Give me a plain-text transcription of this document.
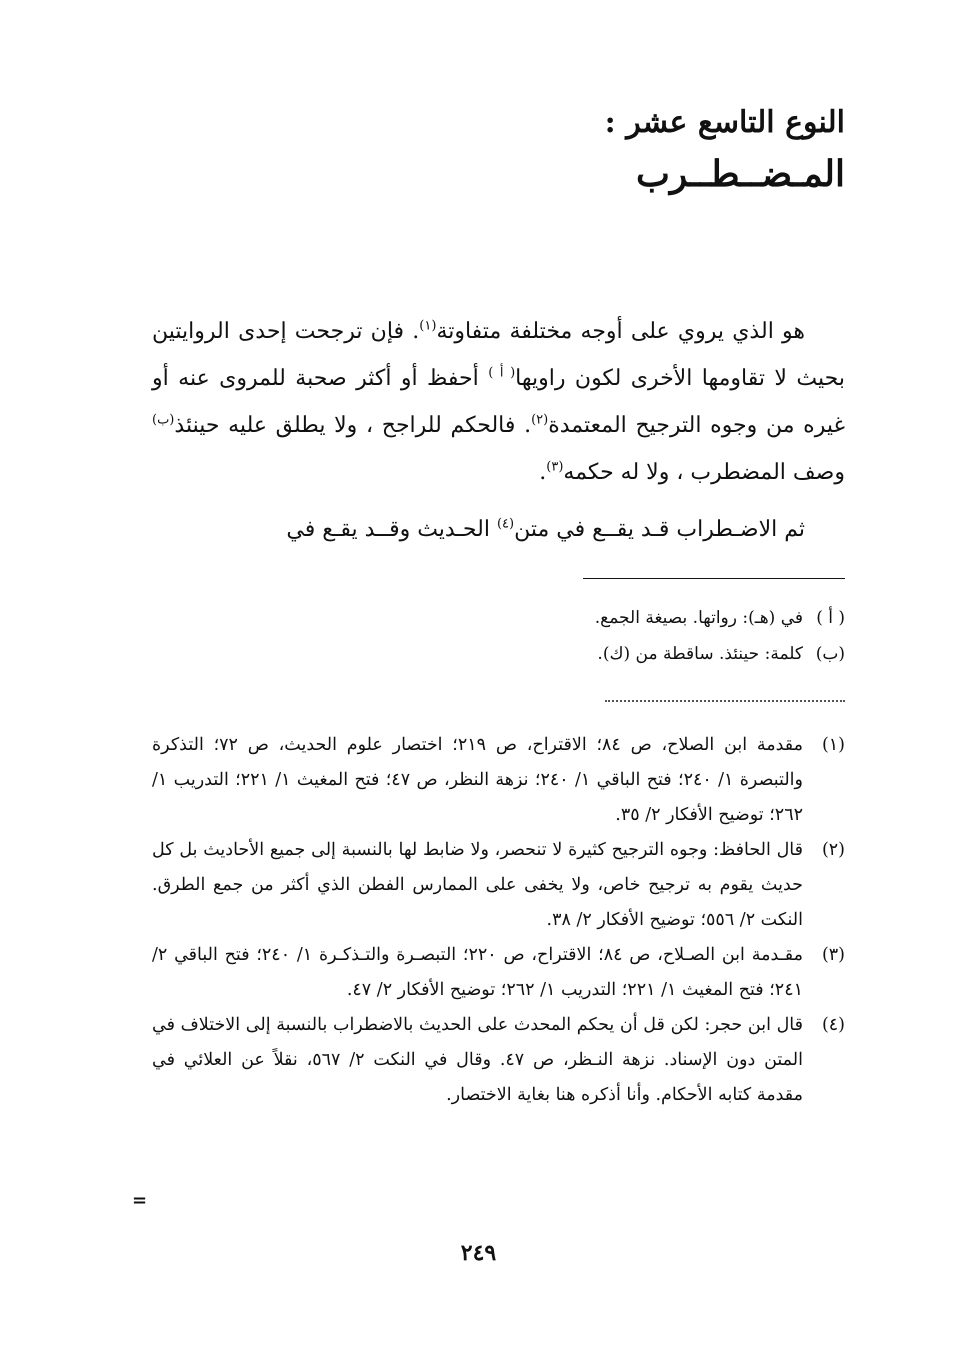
النوع التاسع عشر :
المـضــطــرب

هو الذي يروي على أوجه مختلفة متفاوتة$^{(١)}$. فإن ترجحت إحدى الروايتين بحيث لا تقاومها الأخرى لكون راويها$^{( أ )}$ أحفظ أو أكثر صحبة للمروى عنه أو غيره من وجوه الترجيح المعتمدة$^{(٢)}$. فالحكم للراجح ، ولا يطلق عليه حينئذ$^{(ب)}$ وصف المضطرب ، ولا له حكمه$^{(٣)}$.

ثم الاضـطراب قـد يقــع في متن$^{(٤)}$ الحـديث وقــد يقـع في

( أ )
في (هـ): رواتها. بصيغة الجمع.
(ب)
كلمة: حينئذ. ساقطة من (ك).
(١)
مقدمة ابن الصلاح، ص ٨٤؛ الاقتراح، ص ٢١٩؛ اختصار علوم الحديث، ص ٧٢؛ التذكرة والتبصرة ١/ ٢٤٠؛ فتح الباقي ١/ ٢٤٠؛ نزهة النظر، ص ٤٧؛ فتح المغيث ١/ ٢٢١؛ التدريب ١/ ٢٦٢؛ توضيح الأفكار ٢/ ٣٥.
(٢)
قال الحافظ: وجوه الترجيح كثيرة لا تنحصر، ولا ضابط لها بالنسبة إلى جميع الأحاديث بل كل حديث يقوم به ترجيح خاص، ولا يخفى على الممارس الفطن الذي أكثر من جمع الطرق. النكت ٢/ ٥٥٦؛ توضيح الأفكار ٢/ ٣٨.
(٣)
مقـدمة ابن الصـلاح، ص ٨٤؛ الاقتراح، ص ٢٢٠؛ التبصـرة والتـذكـرة ١/ ٢٤٠؛ فتح الباقي ٢/ ٢٤١؛ فتح المغيث ١/ ٢٢١؛ التدريب ١/ ٢٦٢؛ توضيح الأفكار ٢/ ٤٧.
(٤)
قال ابن حجر: لكن قل أن يحكم المحدث على الحديث بالاضطراب بالنسبة إلى الاختلاف في المتن دون الإسناد. نزهة النـظر، ص ٤٧. وقال في النكت ٢/ ٥٦٧، نقلاً عن العلائي في مقدمة كتابه الأحكام. وأنا أذكره هنا بغاية الاختصار.
=
٢٤٩
